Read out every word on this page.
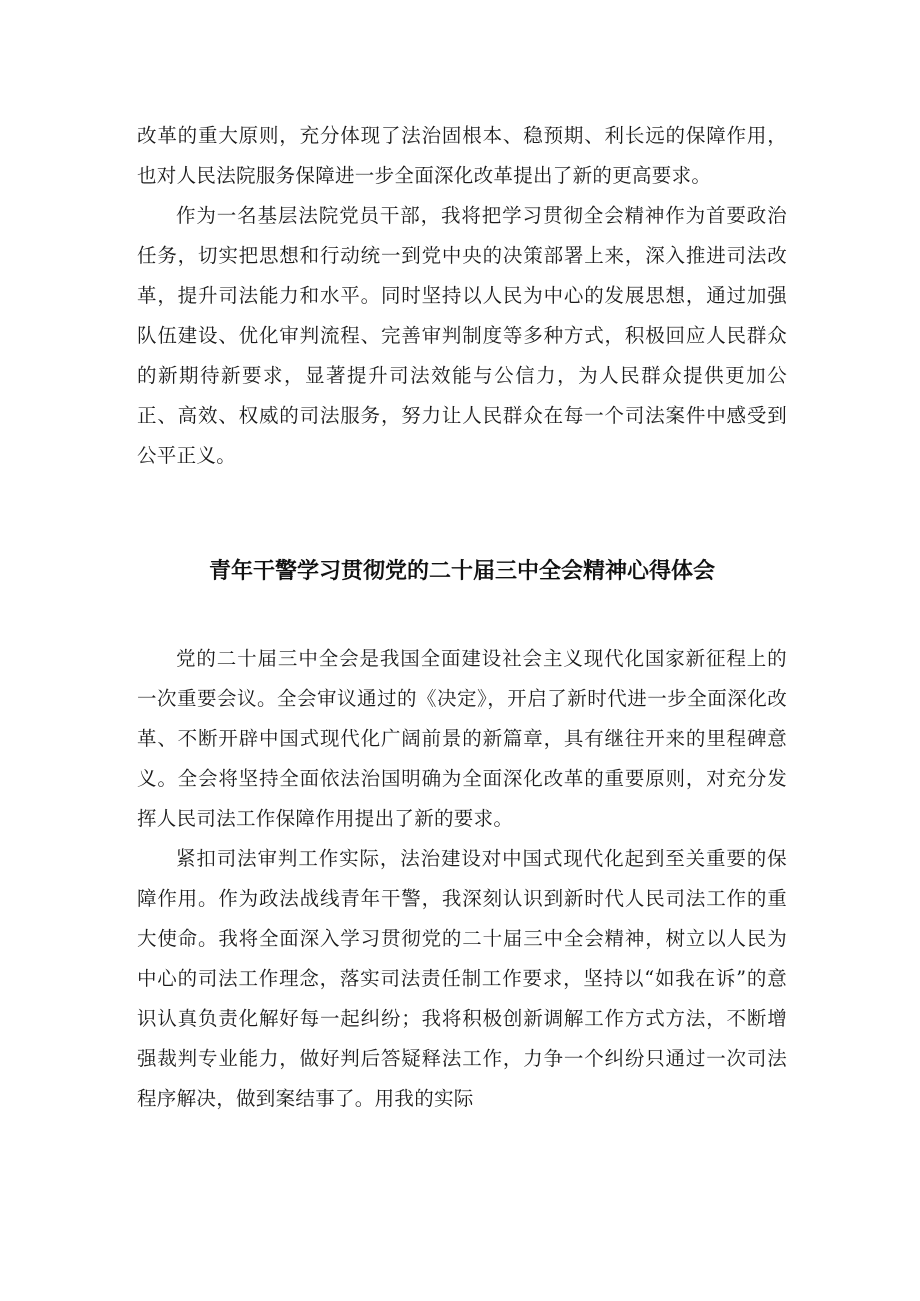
改革的重大原则，充分体现了法治固根本、稳预期、利长远的保障作用，也对人民法院服务保障进一步全面深化改革提出了新的更高要求。

作为一名基层法院党员干部，我将把学习贯彻全会精神作为首要政治任务，切实把思想和行动统一到党中央的决策部署上来，深入推进司法改革，提升司法能力和水平。同时坚持以人民为中心的发展思想，通过加强队伍建设、优化审判流程、完善审判制度等多种方式，积极回应人民群众的新期待新要求，显著提升司法效能与公信力，为人民群众提供更加公正、高效、权威的司法服务，努力让人民群众在每一个司法案件中感受到公平正义。

青年干警学习贯彻党的二十届三中全会精神心得体会

党的二十届三中全会是我国全面建设社会主义现代化国家新征程上的一次重要会议。全会审议通过的《决定》，开启了新时代进一步全面深化改革、不断开辟中国式现代化广阔前景的新篇章，具有继往开来的里程碑意义。全会将坚持全面依法治国明确为全面深化改革的重要原则，对充分发挥人民司法工作保障作用提出了新的要求。

紧扣司法审判工作实际，法治建设对中国式现代化起到至关重要的保障作用。作为政法战线青年干警，我深刻认识到新时代人民司法工作的重大使命。我将全面深入学习贯彻党的二十届三中全会精神，树立以人民为中心的司法工作理念，落实司法责任制工作要求，坚持以“如我在诉”的意识认真负责化解好每一起纠纷；我将积极创新调解工作方式方法，不断增强裁判专业能力，做好判后答疑释法工作，力争一个纠纷只通过一次司法程序解决，做到案结事了。用我的实际
